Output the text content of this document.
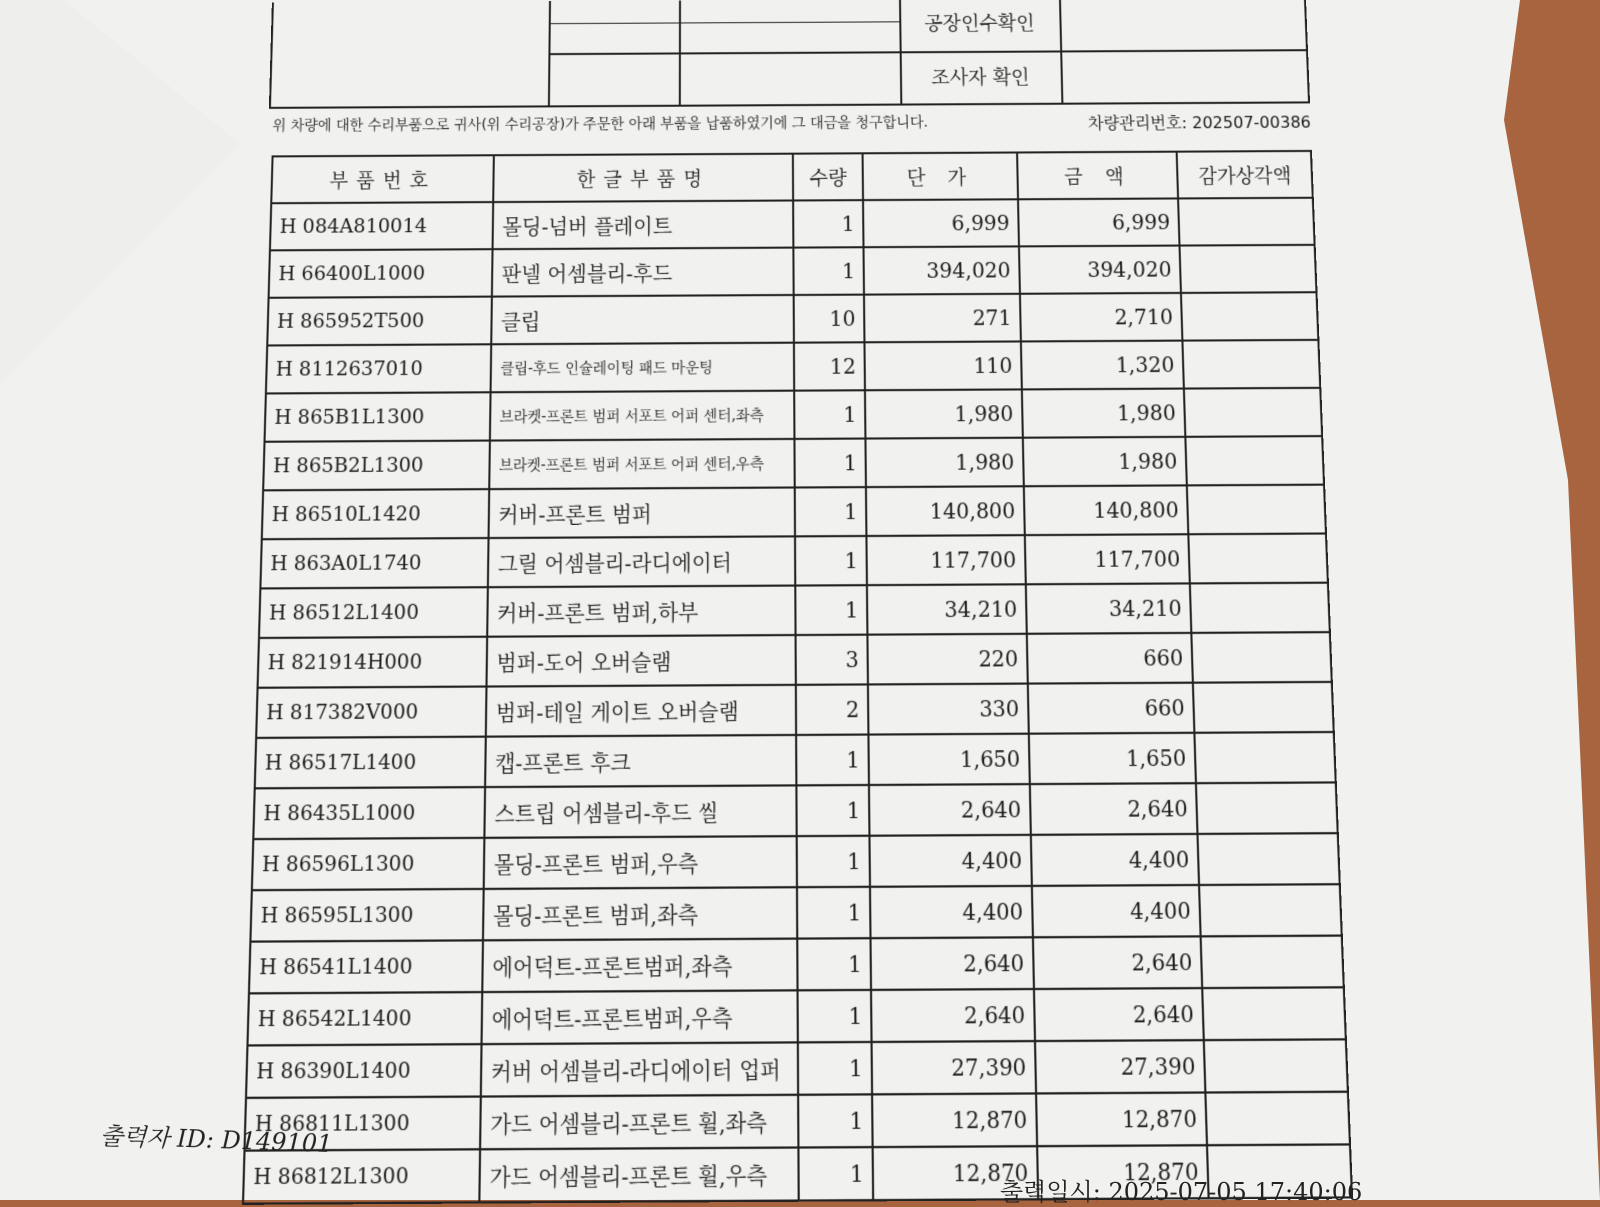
공장인수확인
조사자 확인
위 차량에 대한 수리부품으로 귀사(위 수리공장)가 주문한 아래 부품을 납품하였기에 그 대금을 청구합니다.	차량관리번호: 202507-00386
부품번호	한글부품명	수량	단 가	금 액	감가상각액
H 084A810014	몰딩-넘버 플레이트	1	6,999	6,999	
H 66400L1000	판넬 어셈블리-후드	1	394,020	394,020	
H 865952T500	클립	10	271	2,710	
H 8112637010	클립-후드 인슐레이팅 패드 마운팅	12	110	1,320	
H 865B1L1300	브라켓-프론트 범퍼 서포트 어퍼 센터,좌측	1	1,980	1,980	
H 865B2L1300	브라켓-프론트 범퍼 서포트 어퍼 센터,우측	1	1,980	1,980	
H 86510L1420	커버-프론트 범퍼	1	140,800	140,800	
H 863A0L1740	그릴 어셈블리-라디에이터	1	117,700	117,700	
H 86512L1400	커버-프론트 범퍼,하부	1	34,210	34,210	
H 821914H000	범퍼-도어 오버슬램	3	220	660	
H 817382V000	범퍼-테일 게이트 오버슬램	2	330	660	
H 86517L1400	캡-프론트 후크	1	1,650	1,650	
H 86435L1000	스트립 어셈블리-후드 씰	1	2,640	2,640	
H 86596L1300	몰딩-프론트 범퍼,우측	1	4,400	4,400	
H 86595L1300	몰딩-프론트 범퍼,좌측	1	4,400	4,400	
H 86541L1400	에어덕트-프론트범퍼,좌측	1	2,640	2,640	
H 86542L1400	에어덕트-프론트범퍼,우측	1	2,640	2,640	
H 86390L1400	커버 어셈블리-라디에이터 업퍼	1	27,390	27,390	
H 86811L1300	가드 어셈블리-프론트 휠,좌측	1	12,870	12,870	
H 86812L1300	가드 어셈블리-프론트 휠,우측	1	12,870	12,870	
출력자 ID: D149101
출력일시: 2025-07-05 17:40:06
